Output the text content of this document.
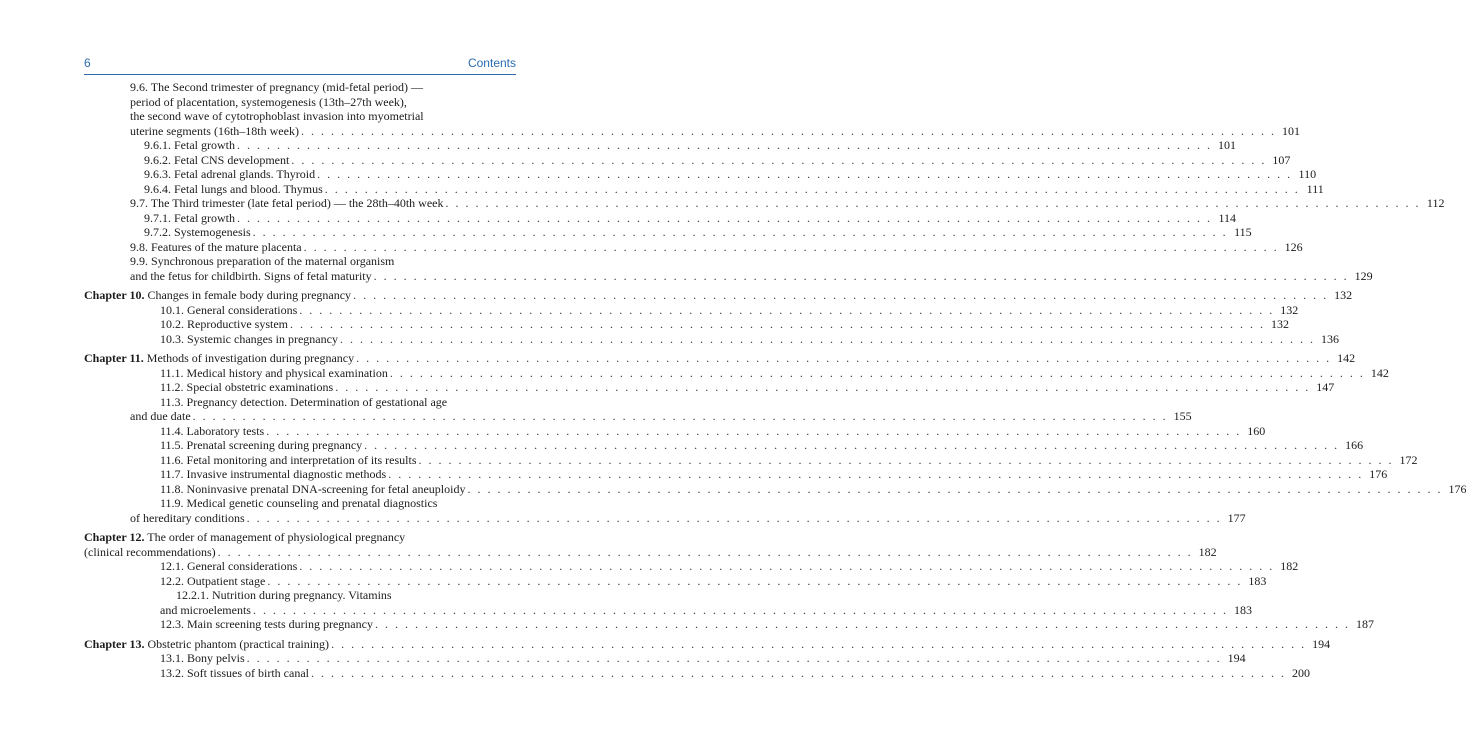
6	Contents
9.6. The Second trimester of pregnancy (mid-fetal period) —
period of placentation, systemogenesis (13th–27th week),
the second wave of cytotrophoblast invasion into myometrial
uterine segments (16th–18th week) . . .	101
9.6.1. Fetal growth . . .	101
9.6.2. Fetal CNS development . . .	107
9.6.3. Fetal adrenal glands. Thyroid . . .	110
9.6.4. Fetal lungs and blood. Thymus . . .	111
9.7. The Third trimester (late fetal period) — the 28th–40th week . . .	112
9.7.1. Fetal growth . . .	114
9.7.2. Systemogenesis . . .	115
9.8. Features of the mature placenta . . .	126
9.9. Synchronous preparation of the maternal organism
and the fetus for childbirth. Signs of fetal maturity . . .	129
Chapter 10. Changes in female body during pregnancy . . .	132
10.1. General considerations . . .	132
10.2. Reproductive system . . .	132
10.3. Systemic changes in pregnancy . . .	136
Chapter 11. Methods of investigation during pregnancy . . .	142
11.1. Medical history and physical examination . . .	142
11.2. Special obstetric examinations . . .	147
11.3. Pregnancy detection. Determination of gestational age
and due date . . .	155
11.4. Laboratory tests . . .	160
11.5. Prenatal screening during pregnancy . . .	166
11.6. Fetal monitoring and interpretation of its results . . .	172
11.7. Invasive instrumental diagnostic methods . . .	176
11.8. Noninvasive prenatal DNA-screening for fetal aneuploidy . . .	176
11.9. Medical genetic counseling and prenatal diagnostics
of hereditary conditions . . .	177
Chapter 12. The order of management of physiological pregnancy
(clinical recommendations) . . .	182
12.1. General considerations . . .	182
12.2. Outpatient stage . . .	183
12.2.1. Nutrition during pregnancy. Vitamins
and microelements . . .	183
12.3. Main screening tests during pregnancy . . .	187
Chapter 13. Obstetric phantom (practical training) . . .	194
13.1. Bony pelvis . . .	194
13.2. Soft tissues of birth canal . . .	200
